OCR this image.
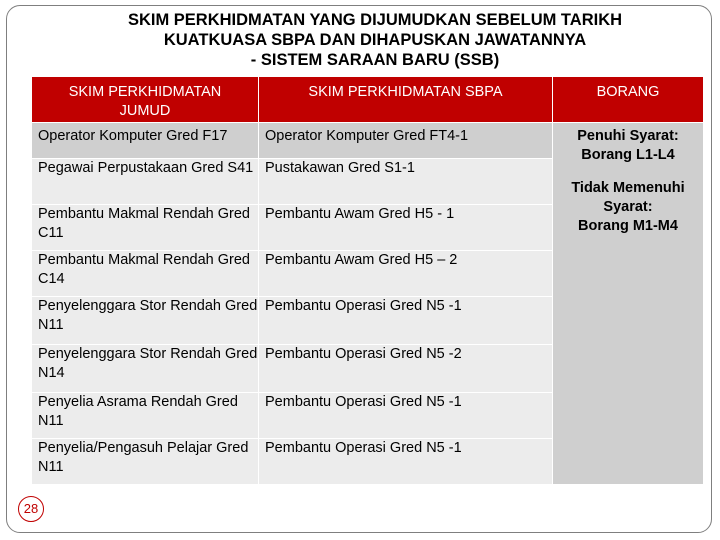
SKIM PERKHIDMATAN YANG DIJUMUDKAN SEBELUM TARIKH
KUATKUASA SBPA DAN DIHAPUSKAN JAWATANNYA
- SISTEM SARAAN BARU (SSB)
SKIM PERKHIDMATAN JUMUD	SKIM PERKHIDMATAN SBPA	BORANG
Operator Komputer Gred F17	Operator Komputer Gred FT4-1	Penuhi Syarat:
Borang L1-L4
Tidak Memenuhi
Syarat:
Borang M1-M4

Pegawai Perpustakaan Gred S41	Pustakawan Gred S1-1	
Pembantu Makmal Rendah Gred C11	Pembantu Awam Gred H5 - 1	
Pembantu Makmal Rendah Gred C14	Pembantu Awam Gred H5 – 2	
Penyelenggara Stor Rendah Gred N11	Pembantu Operasi Gred N5 -1	
Penyelenggara Stor Rendah Gred N14	Pembantu Operasi Gred N5 -2	
Penyelia Asrama Rendah Gred N11	Pembantu Operasi Gred N5 -1	
Penyelia/Pengasuh Pelajar Gred N11	Pembantu Operasi Gred N5 -1	
28
